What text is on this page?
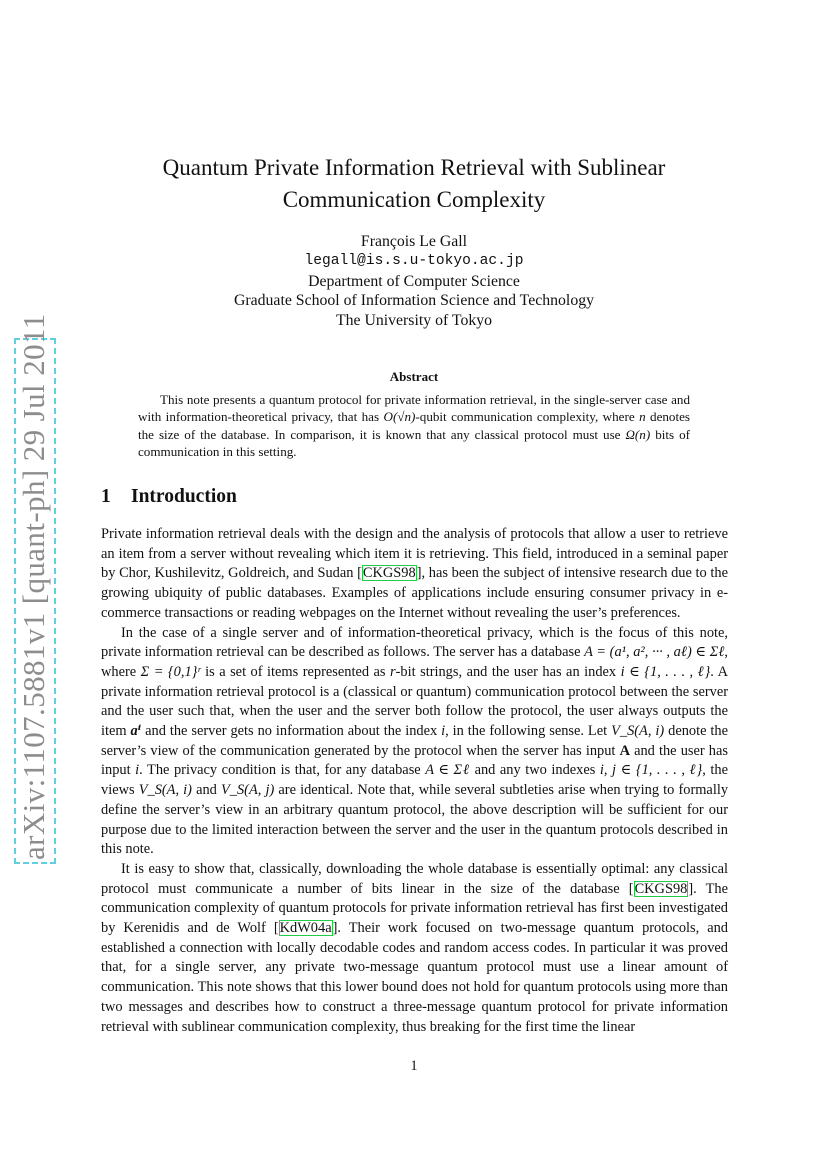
arXiv:1107.5881v1 [quant-ph] 29 Jul 2011
Quantum Private Information Retrieval with Sublinear
Communication Complexity
François Le Gall
legall@is.s.u-tokyo.ac.jp
Department of Computer Science
Graduate School of Information Science and Technology
The University of Tokyo
Abstract

This note presents a quantum protocol for private information retrieval, in the single-server case and with information-theoretical privacy, that has O(√n)-qubit communication complexity, where n denotes the size of the database. In comparison, it is known that any classical protocol must use Ω(n) bits of communication in this setting.

1 Introduction

Private information retrieval deals with the design and the analysis of protocols that allow a user to retrieve an item from a server without revealing which item it is retrieving. This field, introduced in a seminal paper by Chor, Kushilevitz, Goldreich, and Sudan [CKGS98], has been the subject of intensive research due to the growing ubiquity of public databases. Examples of applications include ensuring consumer privacy in e-commerce transactions or reading webpages on the Internet without revealing the user’s preferences.

In the case of a single server and of information-theoretical privacy, which is the focus of this note, private information retrieval can be described as follows. The server has a database A = (a¹, a², ··· , aℓ) ∈ Σℓ, where Σ = {0,1}ʳ is a set of items represented as r-bit strings, and the user has an index i ∈ {1, . . . , ℓ}. A private information retrieval protocol is a (classical or quantum) communication protocol between the server and the user such that, when the user and the server both follow the protocol, the user always outputs the item aⁱ and the server gets no information about the index i, in the following sense. Let V_S(A, i) denote the server’s view of the communication generated by the protocol when the server has input A and the user has input i. The privacy condition is that, for any database A ∈ Σℓ and any two indexes i, j ∈ {1, . . . , ℓ}, the views V_S(A, i) and V_S(A, j) are identical. Note that, while several subtleties arise when trying to formally define the server’s view in an arbitrary quantum protocol, the above description will be sufficient for our purpose due to the limited interaction between the server and the user in the quantum protocols described in this note.

It is easy to show that, classically, downloading the whole database is essentially optimal: any classical protocol must communicate a number of bits linear in the size of the database [CKGS98]. The communication complexity of quantum protocols for private information retrieval has first been investigated by Kerenidis and de Wolf [KdW04a]. Their work focused on two-message quantum protocols, and established a connection with locally decodable codes and random access codes. In particular it was proved that, for a single server, any private two-message quantum protocol must use a linear amount of communication. This note shows that this lower bound does not hold for quantum protocols using more than two messages and describes how to construct a three-message quantum protocol for private information retrieval with sublinear communication complexity, thus breaking for the first time the linear

1
